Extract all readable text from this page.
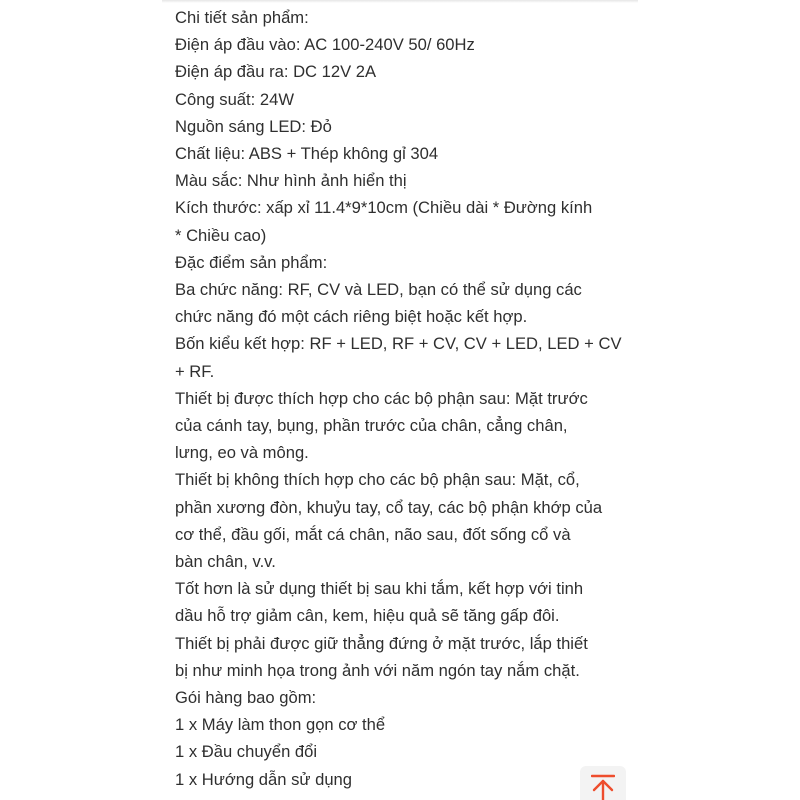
Chi tiết sản phẩm:
Điện áp đầu vào: AC 100-240V 50/ 60Hz
Điện áp đầu ra: DC 12V 2A
Công suất: 24W
Nguồn sáng LED: Đỏ
Chất liệu: ABS + Thép không gỉ 304
Màu sắc: Như hình ảnh hiển thị
Kích thước: xấp xỉ 11.4*9*10cm (Chiều dài * Đường kính
* Chiều cao)
Đặc điểm sản phẩm:
Ba chức năng: RF, CV và LED, bạn có thể sử dụng các
chức năng đó một cách riêng biệt hoặc kết hợp.
Bốn kiểu kết hợp: RF + LED, RF + CV, CV + LED, LED + CV
+ RF.
Thiết bị được thích hợp cho các bộ phận sau: Mặt trước
của cánh tay, bụng, phần trước của chân, cẳng chân,
lưng, eo và mông.
Thiết bị không thích hợp cho các bộ phận sau: Mặt, cổ,
phần xương đòn, khuỷu tay, cổ tay, các bộ phận khớp của
cơ thể, đầu gối, mắt cá chân, não sau, đốt sống cổ và
bàn chân, v.v.
Tốt hơn là sử dụng thiết bị sau khi tắm, kết hợp với tinh
dầu hỗ trợ giảm cân, kem, hiệu quả sẽ tăng gấp đôi.
Thiết bị phải được giữ thẳng đứng ở mặt trước, lắp thiết
bị như minh họa trong ảnh với năm ngón tay nắm chặt.
Gói hàng bao gồm:
1 x Máy làm thon gọn cơ thể
1 x Đầu chuyển đổi
1 x Hướng dẫn sử dụng
